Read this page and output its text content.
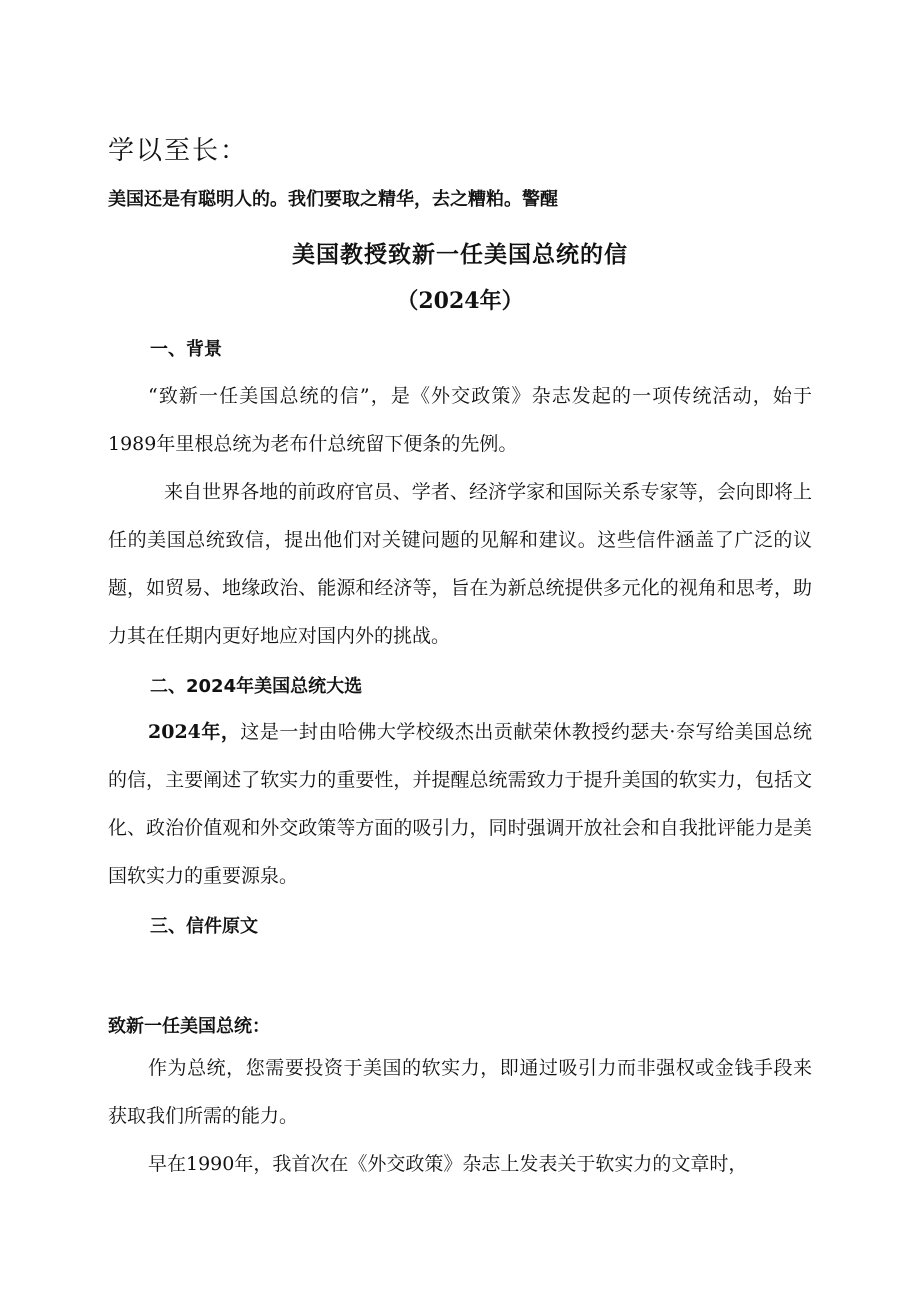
学以至长：

美国还是有聪明人的。我们要取之精华，去之糟粕。警醒

美国教授致新一任美国总统的信

（2024年）

一、背景

“致新一任美国总统的信”，是《外交政策》杂志发起的一项传统活动，始于1989年里根总统为老布什总统留下便条的先例。

来自世界各地的前政府官员、学者、经济学家和国际关系专家等，会向即将上任的美国总统致信，提出他们对关键问题的见解和建议。这些信件涵盖了广泛的议题，如贸易、地缘政治、能源和经济等，旨在为新总统提供多元化的视角和思考，助力其在任期内更好地应对国内外的挑战。

二、2024年美国总统大选

2024年，这是一封由哈佛大学校级杰出贡献荣休教授约瑟夫·奈写给美国总统的信，主要阐述了软实力的重要性，并提醒总统需致力于提升美国的软实力，包括文化、政治价值观和外交政策等方面的吸引力，同时强调开放社会和自我批评能力是美国软实力的重要源泉。

三、信件原文

致新一任美国总统：

作为总统，您需要投资于美国的软实力，即通过吸引力而非强权或金钱手段来获取我们所需的能力。

早在1990年，我首次在《外交政策》杂志上发表关于软实力的文章时，
